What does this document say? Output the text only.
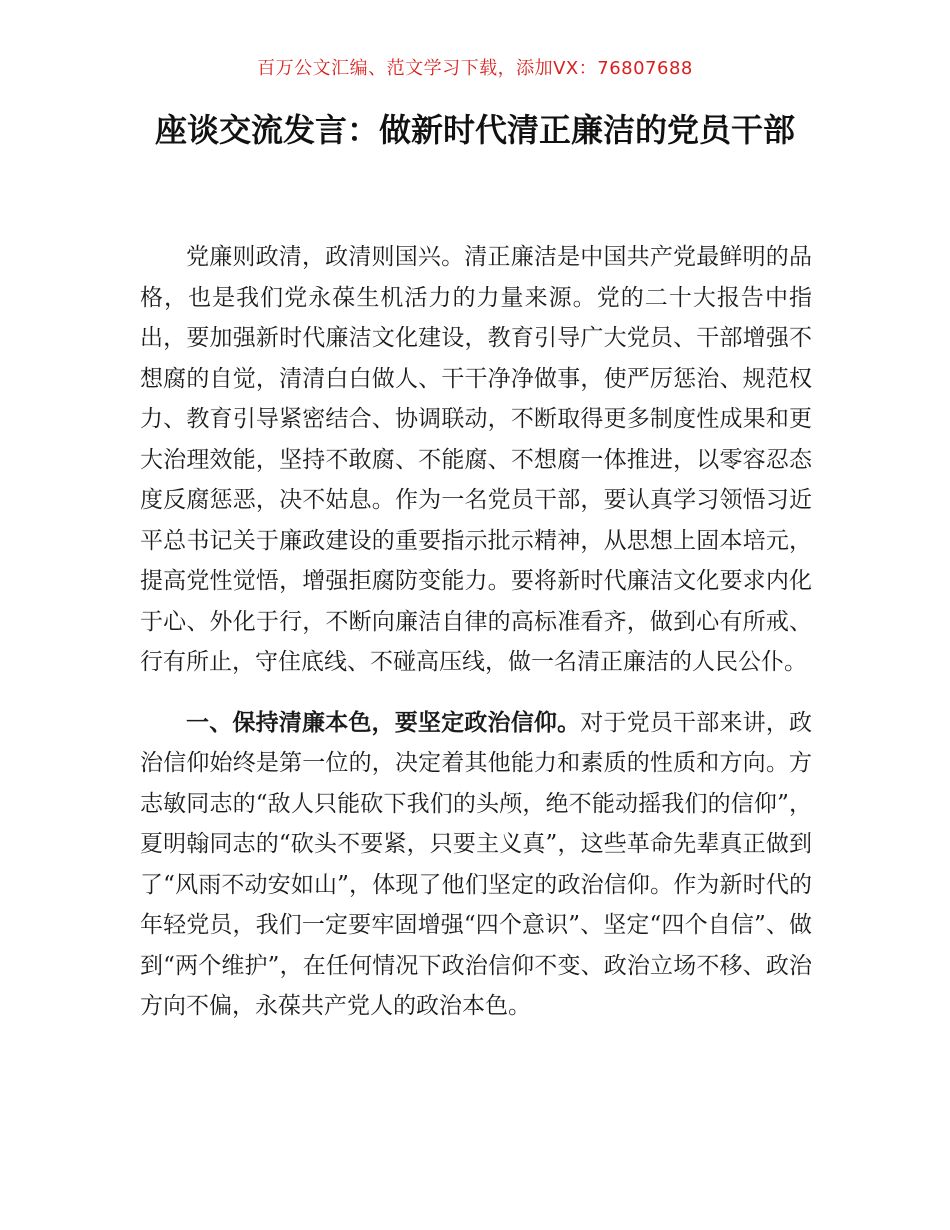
百万公文汇编、范文学习下载，添加VX：76807688
座谈交流发言：做新时代清正廉洁的党员干部

党廉则政清，政清则国兴。清正廉洁是中国共产党最鲜明的品格，也是我们党永葆生机活力的力量来源。党的二十大报告中指出，要加强新时代廉洁文化建设，教育引导广大党员、干部增强不想腐的自觉，清清白白做人、干干净净做事，使严厉惩治、规范权力、教育引导紧密结合、协调联动，不断取得更多制度性成果和更大治理效能，坚持不敢腐、不能腐、不想腐一体推进，以零容忍态度反腐惩恶，决不姑息。作为一名党员干部，要认真学习领悟习近平总书记关于廉政建设的重要指示批示精神，从思想上固本培元，提高党性觉悟，增强拒腐防变能力。要将新时代廉洁文化要求内化于心、外化于行，不断向廉洁自律的高标准看齐，做到心有所戒、行有所止，守住底线、不碰高压线，做一名清正廉洁的人民公仆。

一、保持清廉本色，要坚定政治信仰。对于党员干部来讲，政治信仰始终是第一位的，决定着其他能力和素质的性质和方向。方志敏同志的“敌人只能砍下我们的头颅，绝不能动摇我们的信仰”，夏明翰同志的“砍头不要紧，只要主义真”，这些革命先辈真正做到了“风雨不动安如山”，体现了他们坚定的政治信仰。作为新时代的年轻党员，我们一定要牢固增强“四个意识”、坚定“四个自信”、做到“两个维护”，在任何情况下政治信仰不变、政治立场不移、政治方向不偏，永葆共产党人的政治本色。
